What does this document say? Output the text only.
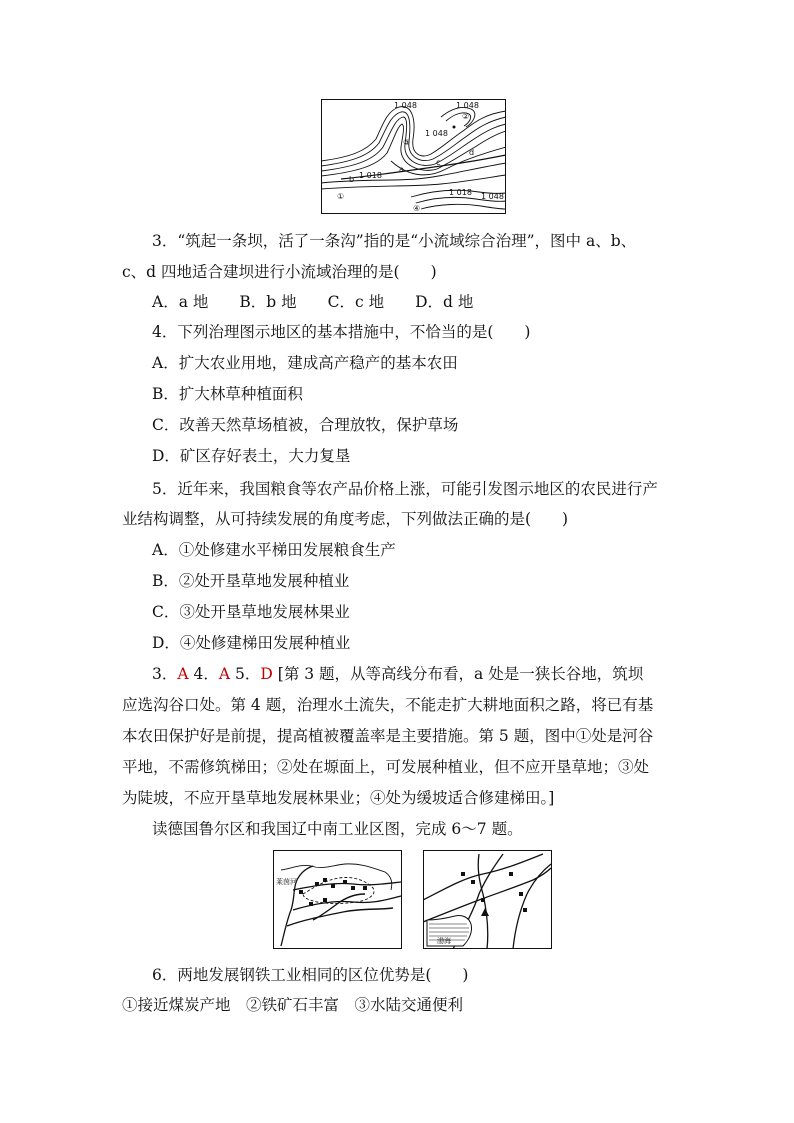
1 048	1 048
1 048
1 018
1 018 1 048
a
b
c
d
①
②
③
④
3．“筑起一条坝，活了一条沟”指的是“小流域综合治理”，图中 a、b、
c、d 四地适合建坝进行小流域治理的是(　　)
A．a 地　　B．b 地　　C．c 地　　D．d 地
4．下列治理图示地区的基本措施中，不恰当的是(　　)
A．扩大农业用地，建成高产稳产的基本农田
B．扩大林草种植面积
C．改善天然草场植被，合理放牧，保护草场
D．矿区存好表土，大力复垦
5．近年来，我国粮食等农产品价格上涨，可能引发图示地区的农民进行产
业结构调整，从可持续发展的角度考虑，下列做法正确的是(　　)
A．①处修建水平梯田发展粮食生产
B．②处开垦草地发展种植业
C．③处开垦草地发展林果业
D．④处修建梯田发展种植业
3．A 4．A 5．D [第 3 题，从等高线分布看，a 处是一狭长谷地，筑坝
应选沟谷口处。第 4 题，治理水土流失，不能走扩大耕地面积之路，将已有基
本农田保护好是前提，提高植被覆盖率是主要措施。第 5 题，图中①处是河谷
平地，不需修筑梯田；②处在塬面上，可发展种植业，但不应开垦草地；③处
为陡坡，不应开垦草地发展林果业；④处为缓坡适合修建梯田。]
读德国鲁尔区和我国辽中南工业区图，完成 6～7 题。
莱茵河
渤海
6．两地发展钢铁工业相同的区位优势是(　　)
①接近煤炭产地　②铁矿石丰富　③水陆交通便利
